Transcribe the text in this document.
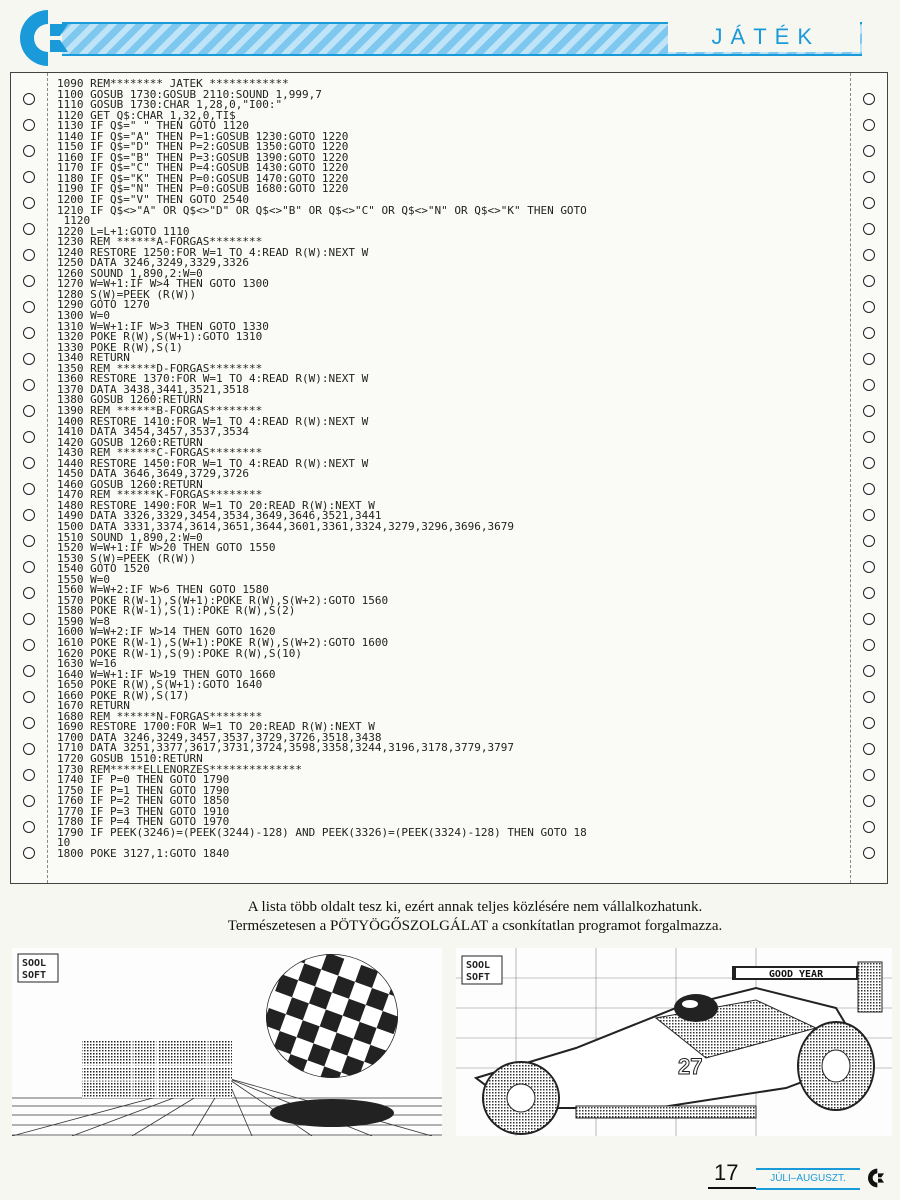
JÁTÉK
1090 REM******** JATEK ************
1100 GOSUB 1730:GOSUB 2110:SOUND 1,999,7
1110 GOSUB 1730:CHAR 1,28,0,"I00:"
1120 GET Q$:CHAR 1,32,0,TI$
1130 IF Q$=" " THEN GOTO 1120
1140 IF Q$="A" THEN P=1:GOSUB 1230:GOTO 1220
1150 IF Q$="D" THEN P=2:GOSUB 1350:GOTO 1220
1160 IF Q$="B" THEN P=3:GOSUB 1390:GOTO 1220
1170 IF Q$="C" THEN P=4:GOSUB 1430:GOTO 1220
1180 IF Q$="K" THEN P=0:GOSUB 1470:GOTO 1220
1190 IF Q$="N" THEN P=0:GOSUB 1680:GOTO 1220
1200 IF Q$="V" THEN GOTO 2540
1210 IF Q$<>"A" OR Q$<>"D" OR Q$<>"B" OR Q$<>"C" OR Q$<>"N" OR Q$<>"K" THEN GOTO
1120
1220 L=L+1:GOTO 1110
1230 REM ******A-FORGAS********
1240 RESTORE 1250:FOR W=1 TO 4:READ R(W):NEXT W
1250 DATA 3246,3249,3329,3326
1260 SOUND 1,890,2:W=0
1270 W=W+1:IF W>4 THEN GOTO 1300
1280 S(W)=PEEK (R(W))
1290 GOTO 1270
1300 W=0
1310 W=W+1:IF W>3 THEN GOTO 1330
1320 POKE R(W),S(W+1):GOTO 1310
1330 POKE R(W),S(1)
1340 RETURN
1350 REM ******D-FORGAS********
1360 RESTORE 1370:FOR W=1 TO 4:READ R(W):NEXT W
1370 DATA 3438,3441,3521,3518
1380 GOSUB 1260:RETURN
1390 REM ******B-FORGAS********
1400 RESTORE 1410:FOR W=1 TO 4:READ R(W):NEXT W
1410 DATA 3454,3457,3537,3534
1420 GOSUB 1260:RETURN
1430 REM ******C-FORGAS********
1440 RESTORE 1450:FOR W=1 TO 4:READ R(W):NEXT W
1450 DATA 3646,3649,3729,3726
1460 GOSUB 1260:RETURN
1470 REM ******K-FORGAS********
1480 RESTORE 1490:FOR W=1 TO 20:READ R(W):NEXT W
1490 DATA 3326,3329,3454,3534,3649,3646,3521,3441
1500 DATA 3331,3374,3614,3651,3644,3601,3361,3324,3279,3296,3696,3679
1510 SOUND 1,890,2:W=0
1520 W=W+1:IF W>20 THEN GOTO 1550
1530 S(W)=PEEK (R(W))
1540 GOTO 1520
1550 W=0
1560 W=W+2:IF W>6 THEN GOTO 1580
1570 POKE R(W-1),S(W+1):POKE R(W),S(W+2):GOTO 1560
1580 POKE R(W-1),S(1):POKE R(W),S(2)
1590 W=8
1600 W=W+2:IF W>14 THEN GOTO 1620
1610 POKE R(W-1),S(W+1):POKE R(W),S(W+2):GOTO 1600
1620 POKE R(W-1),S(9):POKE R(W),S(10)
1630 W=16
1640 W=W+1:IF W>19 THEN GOTO 1660
1650 POKE R(W),S(W+1):GOTO 1640
1660 POKE R(W),S(17)
1670 RETURN
1680 REM ******N-FORGAS********
1690 RESTORE 1700:FOR W=1 TO 20:READ R(W):NEXT W
1700 DATA 3246,3249,3457,3537,3729,3726,3518,3438
1710 DATA 3251,3377,3617,3731,3724,3598,3358,3244,3196,3178,3779,3797
1720 GOSUB 1510:RETURN
1730 REM*****ELLENORZES**************
1740 IF P=0 THEN GOTO 1790
1750 IF P=1 THEN GOTO 1790
1760 IF P=2 THEN GOTO 1850
1770 IF P=3 THEN GOTO 1910
1780 IF P=4 THEN GOTO 1970
1790 IF PEEK(3246)=(PEEK(3244)-128) AND PEEK(3326)=(PEEK(3324)-128) THEN GOTO 18
10
1800 POKE 3127,1:GOTO 1840
A lista több oldalt tesz ki, ezért annak teljes közlésére nem vállalkozhatunk.
Természetesen a PÖTYÖGŐSZOLGÁLAT a csonkítatlan programot forgalmazza.
SOOL
SOFT	GOOD YEAR
27
SOOL
SOFT
17	JÚLI–AUGUSZT.
